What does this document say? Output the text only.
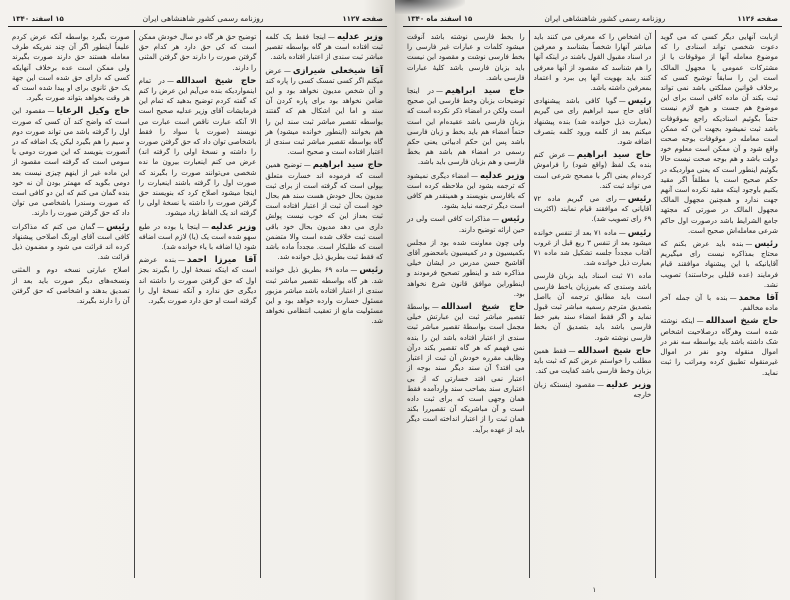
صفحه ۱۱۲۷
روزنامه رسمی کشور شاهنشاهی ایران
۱۵ اسفند ۱۳۴۰

وزیر عدلیه—اینجا فقط یک کلمه ثبت افتاده است هر گاه بواسطه تقصیر مباشر ثبت سندی از اعتبار افتاده باشد.

آقا شیخعلی شیرازی—عرض میکنم اگر کسی تمسک کسی را پاره کند و آن شخص مدیون نخواهد بود و این ضامن نخواهد بود برای پاره کردن آن سند و اما این اشکال هم که گفتند بواسطه تقصیر مباشر ثبت سند این را هم بخوانند (اینطور خوانده میشود) هر گاه بواسطه تقصیر مباشر ثبت سندی از اعتبار افتاده است و صحیح است.

حاج سید ابراهیم—توضیح همین است که فرموده اند خسارت متعلق بپولی است که گرفته است از برای ثبت مدیون بحال خودش هست سند هم بحال خود است آن ثبت از اعتبار افتاده است ثبت بعداز این که خوب نیست پولش داری می دهد مدیون بحال خود باقی است ثبت خلاف شده است والا متضمن است که طلبکار است. مجدداً ماده باشد که فقط ثبت بطریق ذیل خوانده شد.

رئیس—ماده ۶۹ بطریق ذیل خوانده شد. هر گاه بواسطه تقصیر مباشر ثبت سندی از اعتبار افتاده باشد مباشر مزبور مسئول خسارت وارده خواهد بود و این مسئولیت مانع از تعقیب انتظامی نخواهد شد.

توضیح حق هر گاه دو سال خودش ممکن است که کی حق دارد هر کدام حق گرفتن صورت را دارند حق گرفتن المثنی را دارند.

حاج شیخ اسدالله—در تمام اینمواردیکه بنده می‌آیم این عرض را کنم که گفته کردم توضیح بدهید که تمام این فرمایشات آقای وزیر عدلیه صحیح است الا آنکه عبارت ناقص است عبارت می نویسند (صورت یا سواد را فقط باشخاصی توان داد که حق گرفتن صورت را داشته و نسخهٔ اولی را گرفته اند) عرض می کنم اینعبارت بیرون ما نده شخصی می‌توانند صورت را بگیرند که صورت اول را گرفته باشند اینعبارت را اینجا میشود اصلاح کرد که بنویسند حق گرفتن صورت را داشته یا نسخهٔ اولی را گرفته اند یک الفاظ زیاد میشود.

وزیر عدلیه—اینجا یا بوده در طبع سهو شده است یک (یا) لازم است اضافه شود (یا اضافه با یاء خوانده شد).

آقا میرزا احمد—بنده عرضم است که اینکه نسخهٔ اول را بگیرند بجز اول که حق گرفتن صورت را داشته اند دیگری حق ندارد و آنکه نسخهٔ اول را گرفته است او حق دارد صورت بگیرد.

صورت بگیرد بواسطه آنکه عرض کردم علیماً اینطور اگر آن چند نفریکه طرف معامله هستند حق دارند صورت بگیرند ولی ممکن است عده برخلاف آنهایکه کسی که دارای حق شده است این جهة یک حق ثانوی برای او پیدا شده است که هر وقت بخواهد بتواند صورت بگیرد.

حاج وکیل الرعایا—مقصود این است که واضح کند آن کسی که صورت اول را گرفته باشد می تواند صورت دوم و سیم را هم بگیرد لیکن یک اضافه که در آنصورت بنویسد که این صورت دومی یا سومی است که گرفته است مقصود از این ماده غیر از اینهم چیزی نیست بعد دومی بگوید که مهمتر بودن آن نه خود بنده گمان می کنم که این دو کافی است که صورت وسندرا باشخاصی می توان داد که حق گرفتن صورت را دارند.

رئیس—گمان می کنم که مذاکرات کافی است آقای اورنگ اصلاحی پیشنهاد کرده اند قرائت می شود و مضمون ذیل قرائت شد.

اصلاح عبارتی نسخه دوم و المثنی ونسخه‌های دیگر صورت باید بعد از تصدیق بدهند و اشخاصی که حق گرفتن آن را دارند بگیرند.

صفحه ۱۱۲۶
روزنامه رسمی کشور شاهنشاهی ایران
۱۵ اسفند ماه ۱۳۴۰

ازبابت آنهایی دیگر کسی که می گوید دعوت شخصی تواند اسنادی را که موضوع معامله آنها از موقوفات یا از مشترکات عمومی یا مجهول المالک است این را سابقاً توشیح کسی که برخلاف قوانین مملکتی باشد نمی تواند ثبت بکند آن ماده کافی است برای این موضوع هم جست و هیچ لازم نیست حتماً بگوئیم اسنادیکه راجع بموقوفات باشد ثبت نمیشود بجهت این که ممکن است معامله در موقوفات بوجه صحت واقع شود و آن ممکن است معلوم خود دولت باشد و هم بوجه صحت نیست حالا بگوئیم اینطور است که یعنی مواردیکه در حکم صحیح است یا مطلقاً اگر مقید بکنیم باوجود اینکه مقید نکرده است آنهم جهت ندارد و همچنین مجهول المالک مجهول المالک در صورتی که مجتهد جامع الشرایط باشد درصورت اول حاکم شرعی معامله‌اش صحیح است.

رئیس—بنده باید عرض بکنم که محتاج بمذاکره نیست رای میگیریم آقایانیکه با این پیشنهاد موافقند قیام فرمایند (عده قلیلی برخاستند) تصویب نشد.

آقا محمد—بنده با آن جمله آخر ماده مخالفم.

حاج شیخ اسدالله—اینکه نوشته شده است وهرگاه درصلاحیت اشخاص شک داشته باشد باید بواسطه سه نفر در اموال منقوله ودو نفر در اموال غیرمنقوله تطبیق کرده ومراتب را ثبت نماید.

آن اشخاص را که معرفی می کنند باید مباشر آنهارا شخصاً بشناسد و معرفین در اسناد مقبول القول باشند در اینکه آنها را هم شناسد که مقصود از آنها معرفی کنند باید بهویت آنها پی ببرد و اعتماد بمعرفین داشته باشد.

رئیس—گویا کافی باشد پیشنهادی آقای حاج سید ابراهیم رای می گیریم (بعبارت ذیل خوانده شد) بنده پیشنهاد میکنم بعد از کلمه ورود کلمه بتصرف اضافه شود.

حاج سید ابراهیم—عرض کنم بنده یک لفظ (واقع شود) را فراموش کرده‌ام یعنی اگر با مصحح شرعی است می تواند ثبت کند.

رئیس—رای می گیریم ماده ۷۲ آقایانی که موافقند قیام نمایند (اکثریت ۶۹ رای تصویب شد).

رئیس—ماده ۷۱ بعد از تنفس خوانده میشود بعد از تنفس ۳ ربع قبل از غروب آفتاب مجدداً جلسه تشکیل شد ماده ۷۱ بعبارت ذیل خوانده شد.

ماده ۷۱ ثبت اسناد باید بزبان فارسی باشد وسندی که بغیرزبان یاخط فارسی است باید مطابق ترجمه آن بااصل بتصدیق مترجم رسمیه مباشر ثبت قبول نماید و اگر فقط امضاء سند بغیر خط فارسی باشد باید بتصدیق آن بخط فارسی نوشته شود.

حاج شیخ اسدالله—فقط همین مطلب را خواستم عرض کنم که ثبت باید بزبان وخط فارسی باشد کفایت می کند.

وزیر عدلیه—مقصود اینستکه زبان خارجه

را بخط فارسی نوشته باشد آنوقت میشود کلمات و عبارات غیر فارسی را بخط فارسی نوشت و مقصود این نیست باید بزبان فارسی باشد کلیهٔ عبارات فارسی باشد.

حاج سید ابراهیم—در اینجا توضیحات بزبان وخط فارسی این صحیح است ولکن در امضاء ذکر نکرده است که بزبان فارسی باشد عقیده‌ام این است حتماً امضاء هم باید بخط و زبان فارسی باشد پس این حکم ادبیاتی یعنی حکم رسمی در امضاء هم باشد هم بخط فارسی و هم بزبان فارسی باید باشد.

وزیر عدلیه—امضاء دیگری نمیشود که ترجمه بشود این ملاحظه کرده است که بافارسی بنویسند و همینقدر هم کافی است دیگر ترجمه نباید بشود.

رئیس—مذاکرات کافی است ولی در حین ارائه توضیح دارند.

ولی چون معاونت شده بود از مجلس بکمیسیون و در کمیسیون بامحضور آقای آقاشیخ حسن مدرس در ایشان خیلی مذاکره شد و اینطور تصحیح فرمودند و اینطوراین موافق قانون شرع نخواهد بود.

حاج شیخ اسدالله—بواسطهٔ تقصیر مباشر ثبت این عبارتش خیلی مجمل است بواسطهٔ تقصیر مباشر ثبت سندی از اعتبار افتاده باشد این را بنده نمی فهمم که هر گاه تقصیر بکند درآن وظایف مقرره خودش آن ثبت از اعتبار می افتد؟ آن سند دیگر سند بوجه از اعتبار نمی افتد خسارتی که از بی اعتباری سند بصاحب سند واردآمده فقط همان وجهی است که برای ثبت داده است و آن مباشریکه آن تقصیررا بکند همان ثبت را از اعتبار انداخته است دیگر باید از عهده برآید.

۱
